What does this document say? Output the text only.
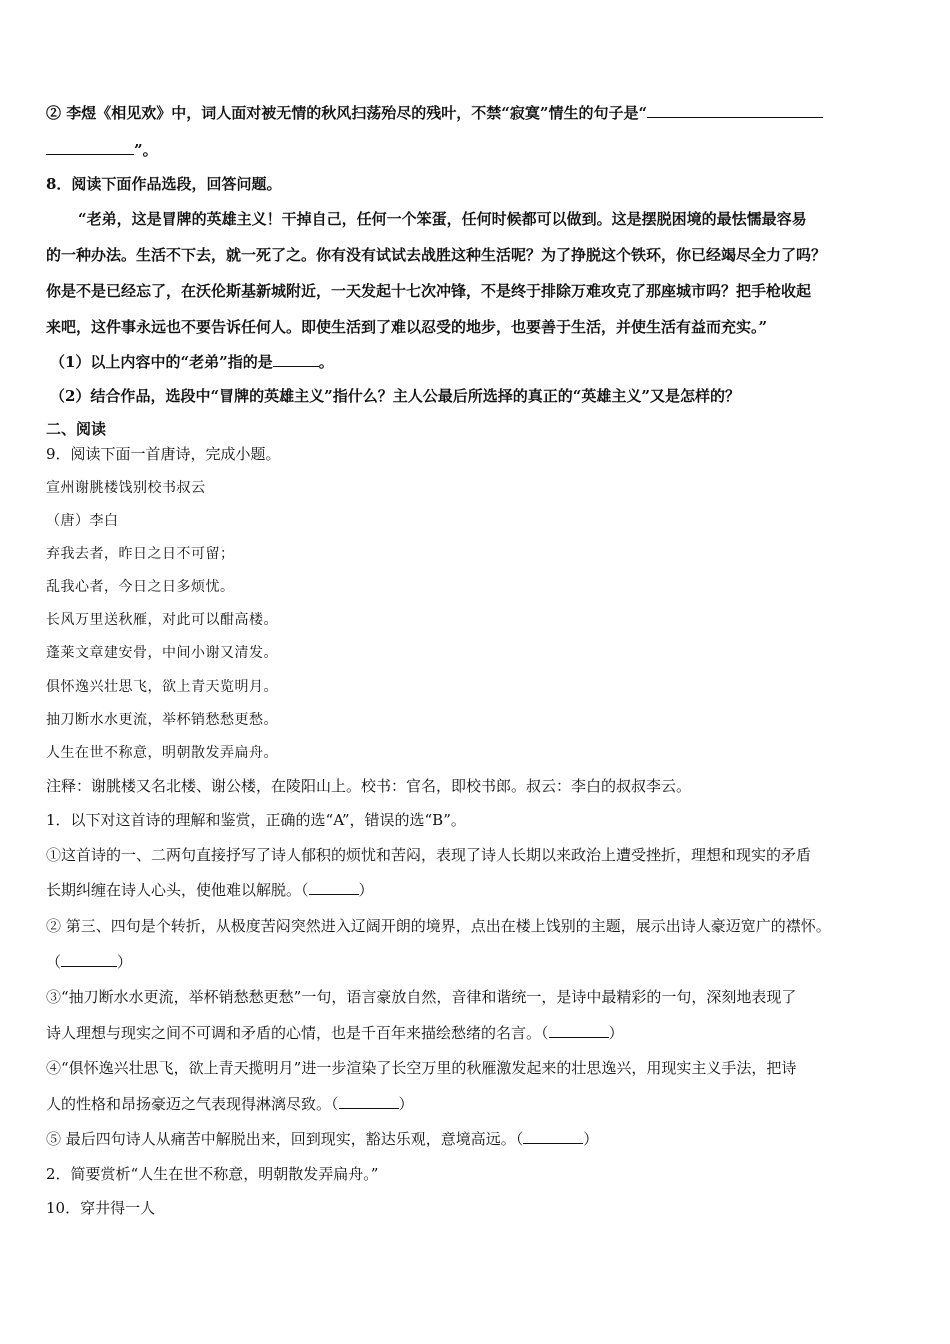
② 李煜《相见欢》中，词人面对被无情的秋风扫荡殆尽的残叶，不禁“寂寞”情生的句子是“
”。
8．阅读下面作品选段，回答问题。
“老弟，这是冒牌的英雄主义！干掉自己，任何一个笨蛋，任何时候都可以做到。这是摆脱困境的最怯懦最容易
的一种办法。生活不下去，就一死了之。你有没有试试去战胜这种生活呢？为了挣脱这个铁环，你已经竭尽全力了吗？
你是不是已经忘了，在沃伦斯基新城附近，一天发起十七次冲锋，不是终于排除万难攻克了那座城市吗？把手枪收起
来吧，这件事永远也不要告诉任何人。即使生活到了难以忍受的地步，也要善于生活，并使生活有益而充实。”
（1）以上内容中的“老弟”指的是	。
（2）结合作品，选段中“冒牌的英雄主义”指什么？主人公最后所选择的真正的“英雄主义”又是怎样的？
二、阅读
9．阅读下面一首唐诗，完成小题。
宣州谢朓楼饯别校书叔云
（唐）李白
弃我去者，昨日之日不可留；
乱我心者，今日之日多烦忧。
长风万里送秋雁，对此可以酣高楼。
蓬莱文章建安骨，中间小谢又清发。
俱怀逸兴壮思飞，欲上青天览明月。
抽刀断水水更流，举杯销愁愁更愁。
人生在世不称意，明朝散发弄扁舟。
注释：谢朓楼又名北楼、谢公楼，在陵阳山上。校书：官名，即校书郎。叔云：李白的叔叔李云。
1．以下对这首诗的理解和鉴赏，正确的选“A”，错误的选“B”。
①这首诗的一、二两句直接抒写了诗人郁积的烦忧和苦闷，表现了诗人长期以来政治上遭受挫折，理想和现实的矛盾
长期纠缠在诗人心头，使他难以解脱。（	）
② 第三、四句是个转折，从极度苦闷突然进入辽阔开朗的境界，点出在楼上饯别的主题，展示出诗人豪迈宽广的襟怀。
（	）
③“抽刀断水水更流，举杯销愁愁更愁”一句，语言豪放自然，音律和谐统一，是诗中最精彩的一句，深刻地表现了
诗人理想与现实之间不可调和矛盾的心情，也是千百年来描绘愁绪的名言。（	）
④“俱怀逸兴壮思飞，欲上青天揽明月”进一步渲染了长空万里的秋雁激发起来的壮思逸兴，用现实主义手法，把诗
人的性格和昂扬豪迈之气表现得淋漓尽致。（	）
⑤ 最后四句诗人从痛苦中解脱出来，回到现实，豁达乐观，意境高远。（	）
2．简要赏析“人生在世不称意，明朝散发弄扁舟。”
10．穿井得一人
